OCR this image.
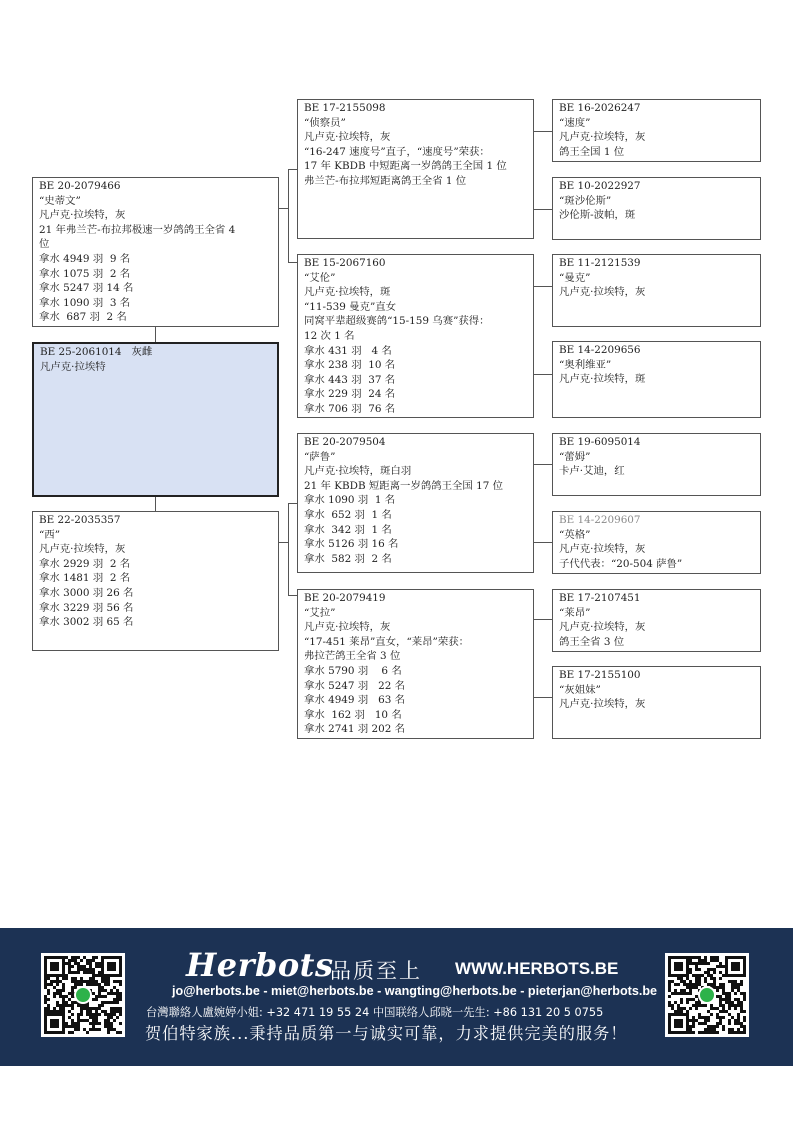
BE 25-2061014   灰雌
凡卢克·拉埃特
BE 20-2079466
“史蒂文”
凡卢克·拉埃特，灰
21 年弗兰芒-布拉邦极速一岁鸽鸽王全省 4
位
拿水 4949 羽  9 名
拿水 1075 羽  2 名
拿水 5247 羽 14 名
拿水 1090 羽  3 名
拿水  687 羽  2 名
BE 22-2035357
“西”
凡卢克·拉埃特，灰
拿水 2929 羽  2 名
拿水 1481 羽  2 名
拿水 3000 羽 26 名
拿水 3229 羽 56 名
拿水 3002 羽 65 名
BE 17-2155098
“侦察员”
凡卢克·拉埃特，灰
“16-247 速度号”直子，“速度号”荣获：
17 年 KBDB 中短距离一岁鸽鸽王全国 1 位
弗兰芒-布拉邦短距离鸽王全省 1 位
BE 15-2067160
“艾伦”
凡卢克·拉埃特，斑
“11-539 曼克”直女
同窝平辈超级赛鸽“15-159 乌赛”获得：
12 次 1 名
拿水 431 羽   4 名
拿水 238 羽  10 名
拿水 443 羽  37 名
拿水 229 羽  24 名
拿水 706 羽  76 名
BE 20-2079504
“萨鲁”
凡卢克·拉埃特，斑白羽
21 年 KBDB 短距离一岁鸽鸽王全国 17 位
拿水 1090 羽  1 名
拿水  652 羽  1 名
拿水  342 羽  1 名
拿水 5126 羽 16 名
拿水  582 羽  2 名
BE 20-2079419
“艾拉”
凡卢克·拉埃特，灰
“17-451 莱昂”直女，“莱昂”荣获：
弗拉芒鸽王全省 3 位
拿水 5790 羽    6 名
拿水 5247 羽   22 名
拿水 4949 羽   63 名
拿水  162 羽   10 名
拿水 2741 羽 202 名
BE 16-2026247
“速度”
凡卢克·拉埃特，灰
鸽王全国 1 位
BE 10-2022927
“斑沙伦斯”
沙伦斯-波帕，斑
BE 11-2121539
“曼克”
凡卢克·拉埃特，灰
BE 14-2209656
“奥利维亚”
凡卢克·拉埃特，斑
BE 19-6095014
“蕾姆”
卡卢·艾迪，红
BE 14-2209607
“英格”
凡卢克·拉埃特，灰
子代代表：“20-504 萨鲁”
BE 17-2107451
“莱昂”
凡卢克·拉埃特，灰
鸽王全省 3 位
BE 17-2155100
“灰姐妹”
凡卢克·拉埃特，灰
Herbots
品质至上 WWW.HERBOTS.BE
jo@herbots.be - miet@herbots.be - wangting@herbots.be - pieterjan@herbots.be
台灣聯絡人盧婉婷小姐: +32 471 19 55 24 中国联络人邱晓一先生: +86 131 20 5 0755
贺伯特家族...秉持品质第一与诚实可靠，力求提供完美的服务！
